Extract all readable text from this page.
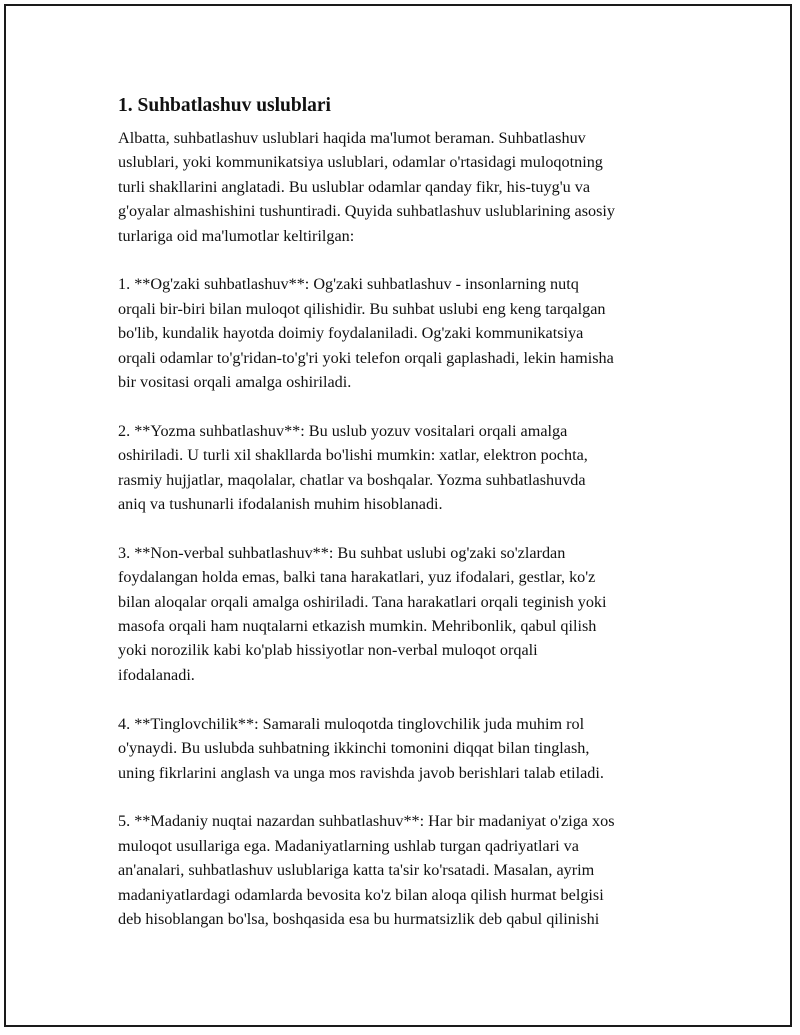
1. Suhbatlashuv uslublari

Albatta, suhbatlashuv uslublari haqida ma'lumot beraman. Suhbatlashuv
uslublari, yoki kommunikatsiya uslublari, odamlar o'rtasidagi muloqotning
turli shakllarini anglatadi. Bu uslublar odamlar qanday fikr, his-tuyg'u va
g'oyalar almashishini tushuntiradi. Quyida suhbatlashuv uslublarining asosiy
turlariga oid ma'lumotlar keltirilgan:

1. **Og'zaki suhbatlashuv**: Og'zaki suhbatlashuv - insonlarning nutq
orqali bir-biri bilan muloqot qilishidir. Bu suhbat uslubi eng keng tarqalgan
bo'lib, kundalik hayotda doimiy foydalaniladi. Og'zaki kommunikatsiya
orqali odamlar to'g'ridan-to'g'ri yoki telefon orqali gaplashadi, lekin hamisha
bir vositasi orqali amalga oshiriladi.

2. **Yozma suhbatlashuv**: Bu uslub yozuv vositalari orqali amalga
oshiriladi. U turli xil shakllarda bo'lishi mumkin: xatlar, elektron pochta,
rasmiy hujjatlar, maqolalar, chatlar va boshqalar. Yozma suhbatlashuvda
aniq va tushunarli ifodalanish muhim hisoblanadi.

3. **Non-verbal suhbatlashuv**: Bu suhbat uslubi og'zaki so'zlardan
foydalangan holda emas, balki tana harakatlari, yuz ifodalari, gestlar, ko'z
bilan aloqalar orqali amalga oshiriladi. Tana harakatlari orqali teginish yoki
masofa orqali ham nuqtalarni etkazish mumkin. Mehribonlik, qabul qilish
yoki norozilik kabi ko'plab hissiyotlar non-verbal muloqot orqali
ifodalanadi.

4. **Tinglovchilik**: Samarali muloqotda tinglovchilik juda muhim rol
o'ynaydi. Bu uslubda suhbatning ikkinchi tomonini diqqat bilan tinglash,
uning fikrlarini anglash va unga mos ravishda javob berishlari talab etiladi.

5. **Madaniy nuqtai nazardan suhbatlashuv**: Har bir madaniyat o'ziga xos
muloqot usullariga ega. Madaniyatlarning ushlab turgan qadriyatlari va
an'analari, suhbatlashuv uslublariga katta ta'sir ko'rsatadi. Masalan, ayrim
madaniyatlardagi odamlarda bevosita ko'z bilan aloqa qilish hurmat belgisi
deb hisoblangan bo'lsa, boshqasida esa bu hurmatsizlik deb qabul qilinishi
